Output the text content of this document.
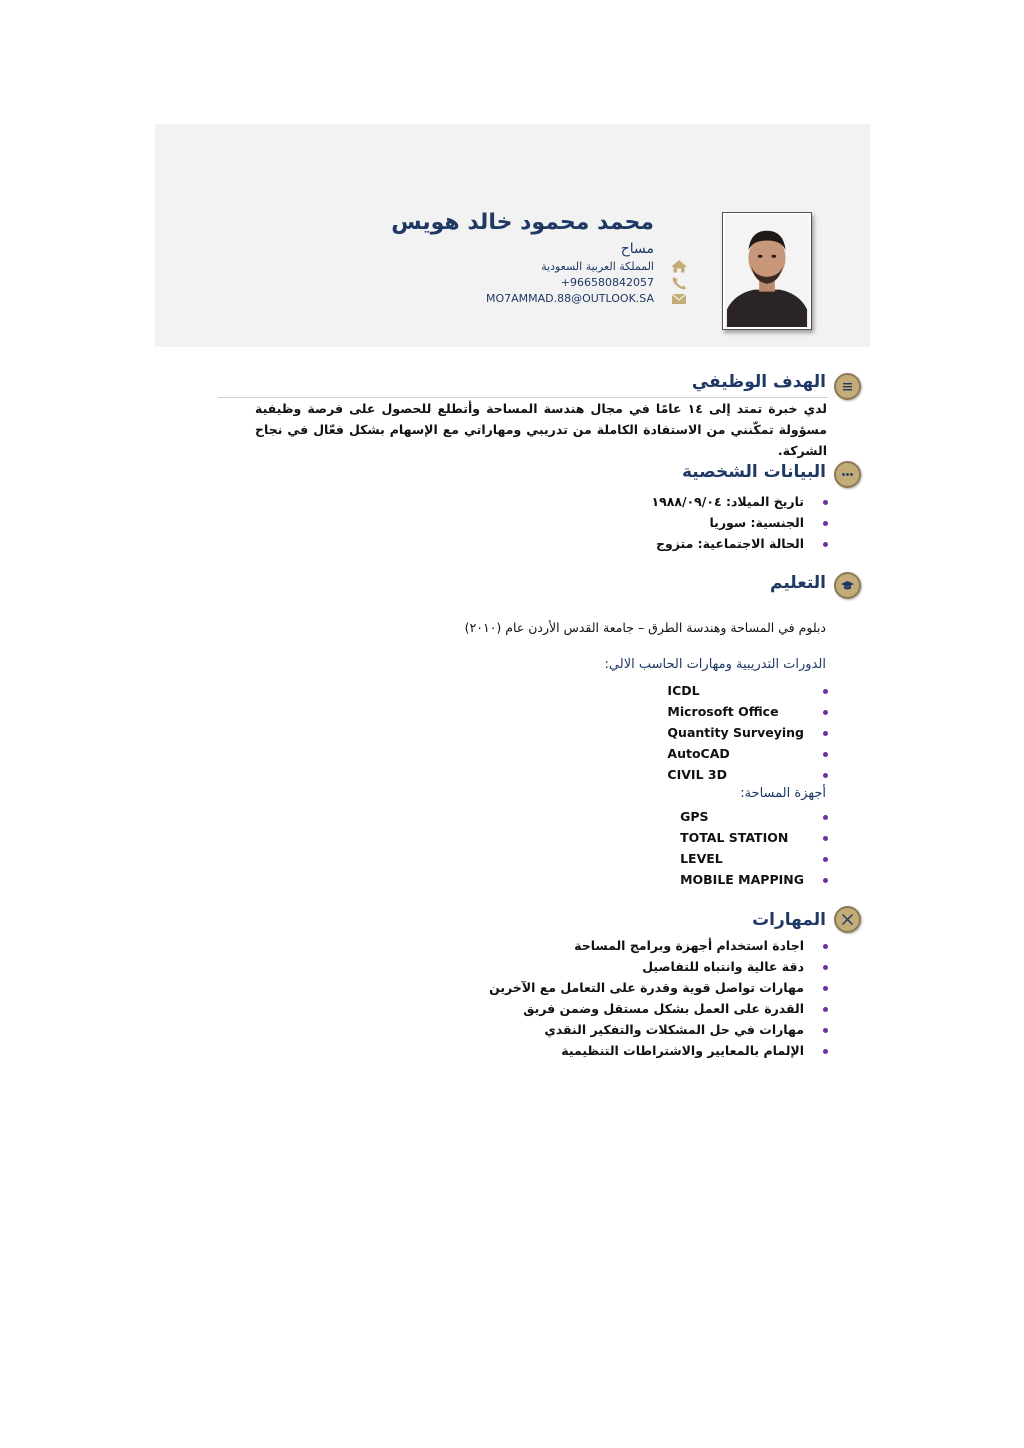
محمد محمود خالد هويس
مساح
المملكة العربية السعودية
+966580842057
MO7AMMAD.88@OUTLOOK.SA
الهدف الوظيفي
لدي خبرة تمتد إلى ١٤ عامًا في مجال هندسة المساحة وأتطلع للحصول على فرصة وظيفية مسؤولة تمكّنني من الاستفادة الكاملة من تدريبي ومهاراتي مع الإسهام بشكل فعّال في نجاح الشركة.
البيانات الشخصية
تاريخ الميلاد: ١٩٨٨/٠٩/٠٤
الجنسية: سوريا
الحالة الاجتماعية: متزوج
التعليم
دبلوم في المساحة وهندسة الطرق – جامعة القدس الأردن عام (٢٠١٠)
الدورات التدريبية ومهارات الحاسب الالي:
ICDL
Microsoft Office
Quantity Surveying
AutoCAD
CIVIL 3D
أجهزة المساحة:
GPS
TOTAL STATION
LEVEL
MOBILE MAPPING
المهارات
اجادة استخدام أجهزة وبرامج المساحة
دقة عالية وانتباه للتفاصيل
مهارات تواصل قوية وقدرة على التعامل مع الآخرين
القدرة على العمل بشكل مستقل وضمن فريق
مهارات في حل المشكلات والتفكير النقدي
الإلمام بالمعايير والاشتراطات التنظيمية
